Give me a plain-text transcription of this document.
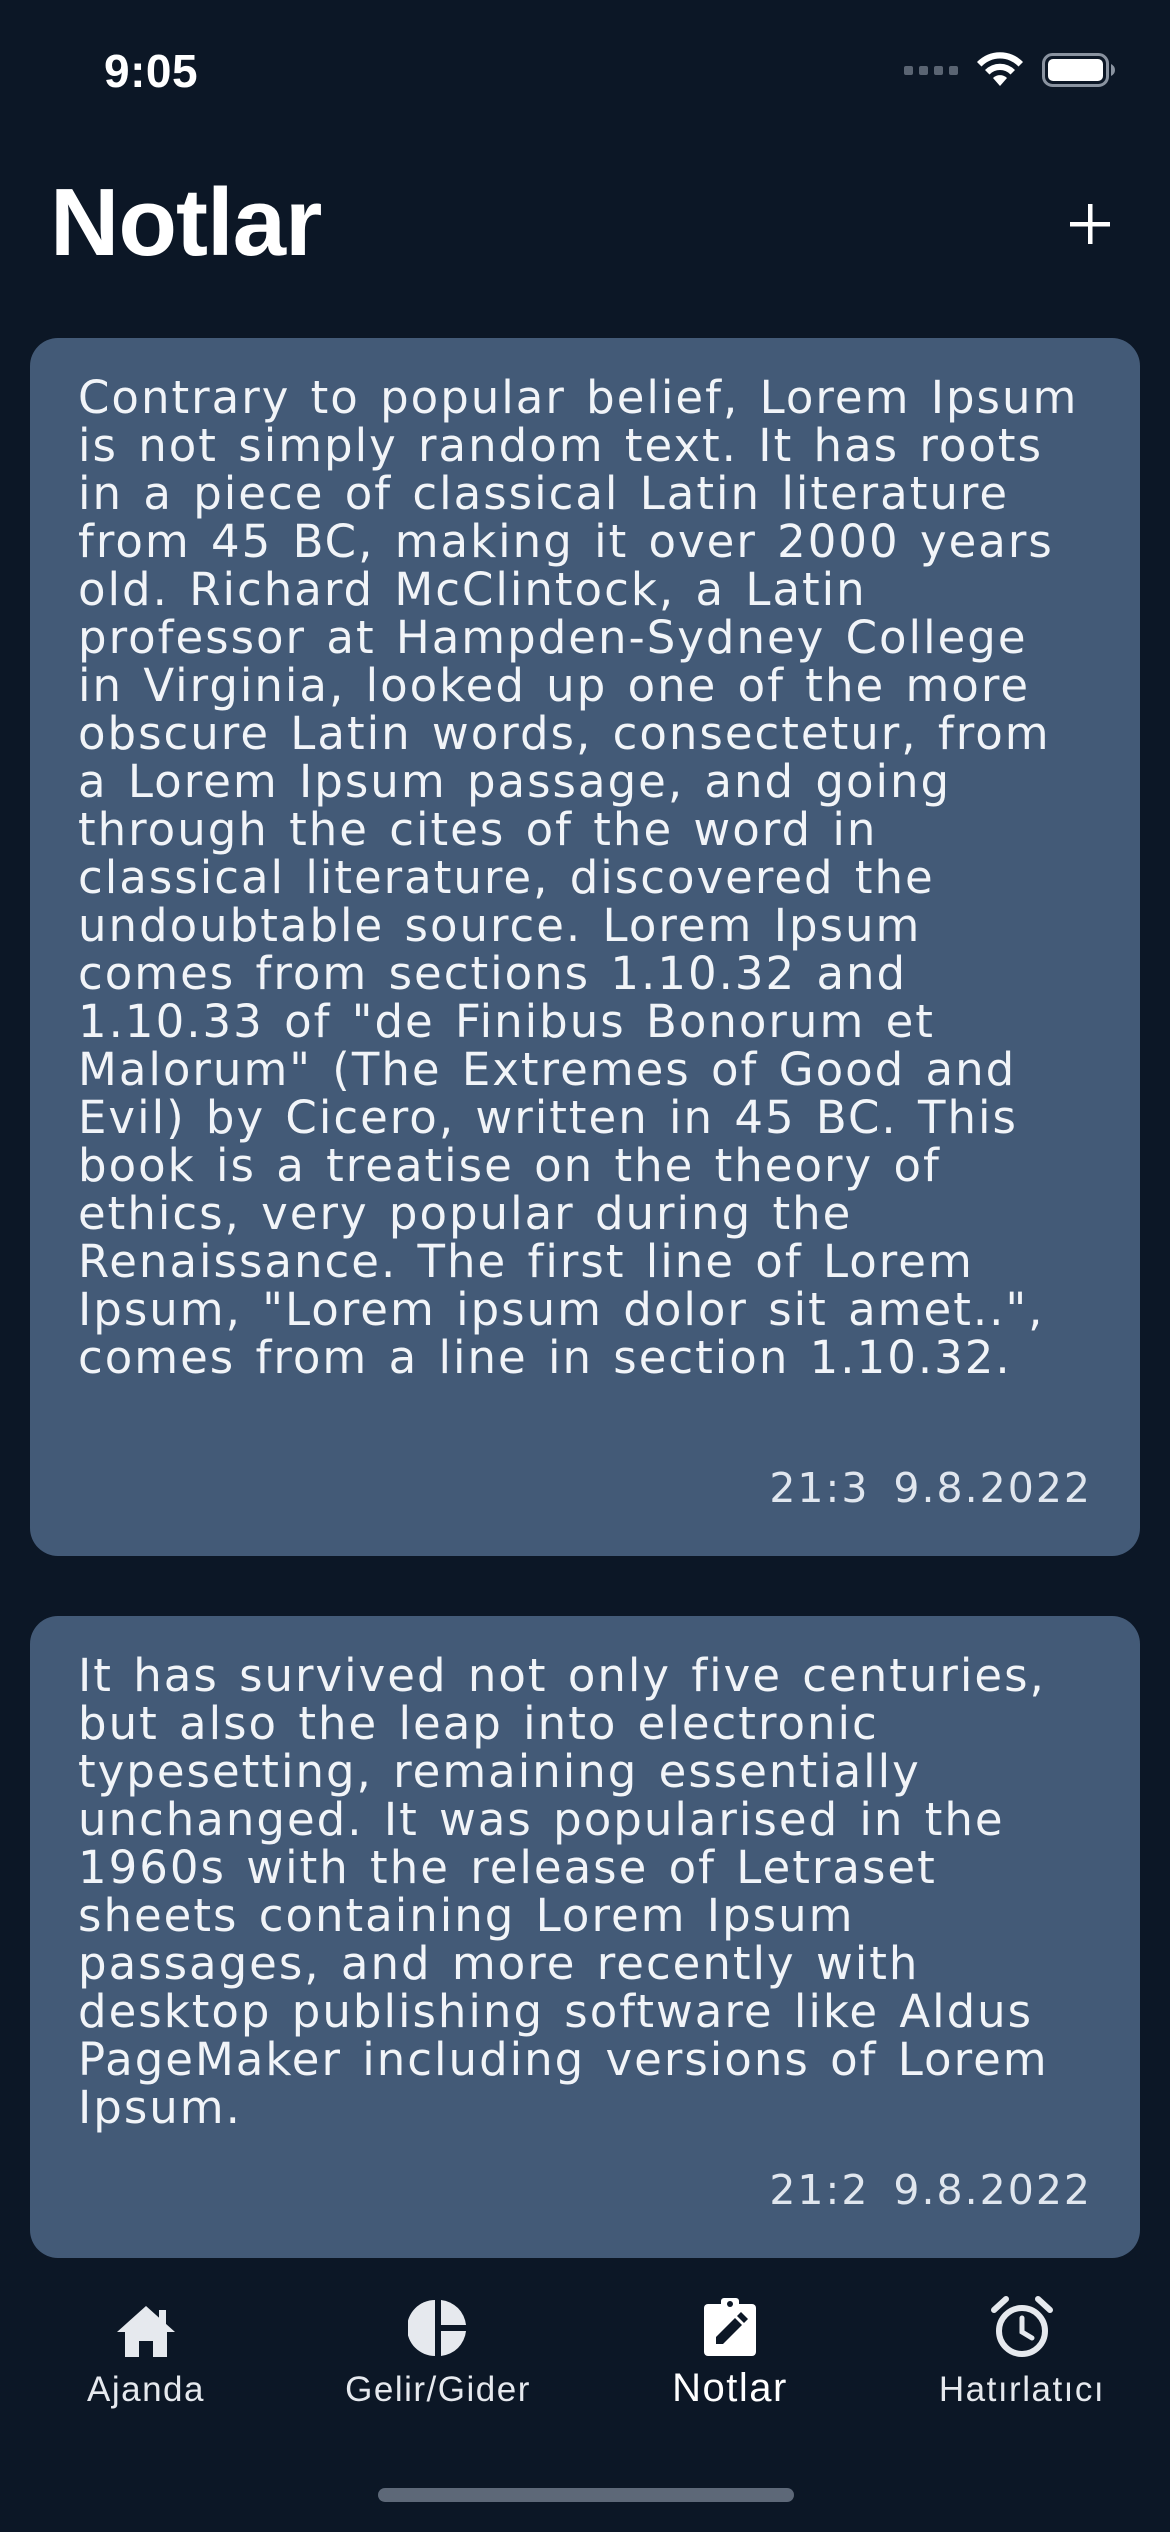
9:05
Notlar

Contrary to popular belief, Lorem Ipsum is not simply random text. It has roots in a piece of classical Latin literature from 45 BC, making it over 2000 years old. Richard McClintock, a Latin professor at Hampden-Sydney College in Virginia, looked up one of the more obscure Latin words, consectetur, from a Lorem Ipsum passage, and going through the cites of the word in classical literature, discovered the undoubtable source. Lorem Ipsum comes from sections 1.10.32 and 1.10.33 of "de Finibus Bonorum et Malorum" (The Extremes of Good and Evil) by Cicero, written in 45 BC. This book is a treatise on the theory of ethics, very popular during the Renaissance. The first line of Lorem Ipsum, "Lorem ipsum dolor sit amet..", comes from a line in section 1.10.32.

21:3 9.8.2022

It has survived not only five centuries, but also the leap into electronic typesetting, remaining essentially unchanged. It was popularised in the 1960s with the release of Letraset sheets containing Lorem Ipsum passages, and more recently with desktop publishing software like Aldus PageMaker including versions of Lorem Ipsum.

21:2 9.8.2022
Ajanda	Gelir/Gider	Notlar	Hatırlatıcı
